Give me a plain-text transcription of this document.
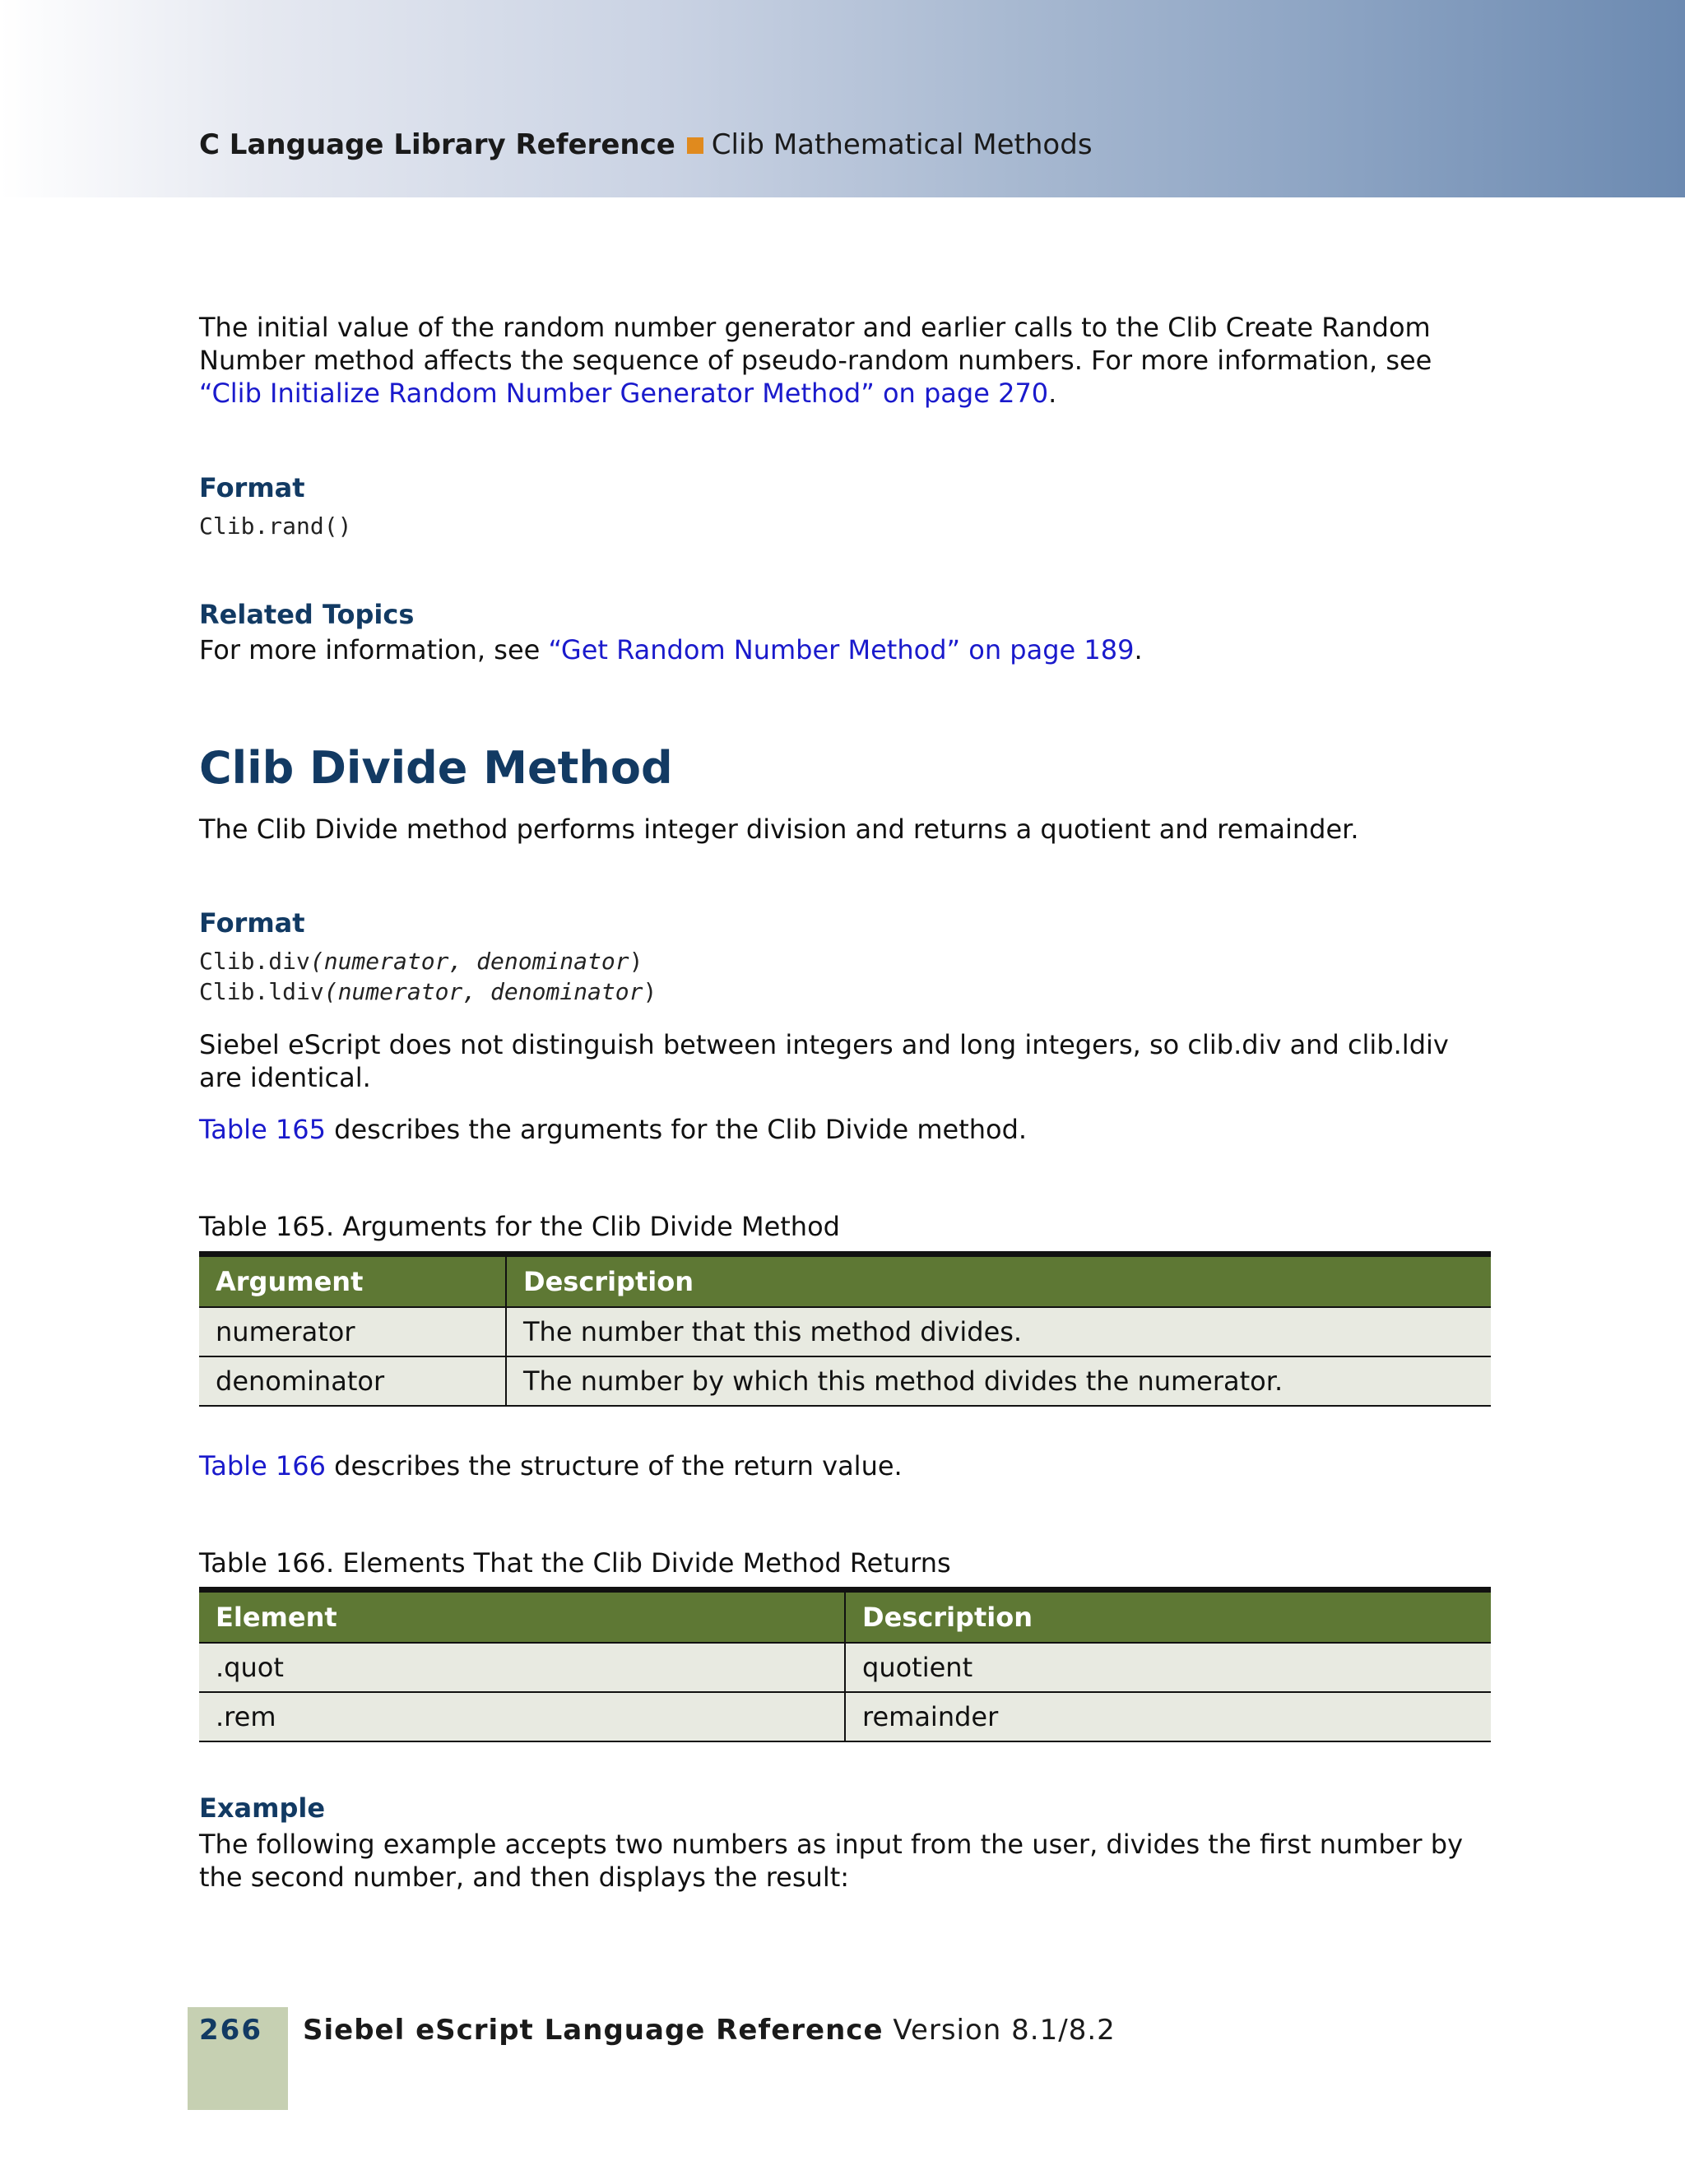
C Language Library Reference Clib Mathematical Methods
The initial value of the random number generator and earlier calls to the Clib Create Random Number method affects the sequence of pseudo-random numbers. For more information, see “Clib Initialize Random Number Generator Method” on page 270.
Format
Clib.rand()
Related Topics
For more information, see “Get Random Number Method” on page 189.
Clib Divide Method
The Clib Divide method performs integer division and returns a quotient and remainder.
Format
Clib.div(numerator, denominator)
Clib.ldiv(numerator, denominator)
Siebel eScript does not distinguish between integers and long integers, so clib.div and clib.ldiv are identical.
Table 165 describes the arguments for the Clib Divide method.
Table 165. Arguments for the Clib Divide Method
Argument	Description
numerator	The number that this method divides.
denominator	The number by which this method divides the numerator.
Table 166 describes the structure of the return value.
Table 166. Elements That the Clib Divide Method Returns
Element	Description
.quot	quotient
.rem	remainder
Example
The following example accepts two numbers as input from the user, divides the first number by the second number, and then displays the result:
266 Siebel eScript Language Reference Version 8.1/8.2
